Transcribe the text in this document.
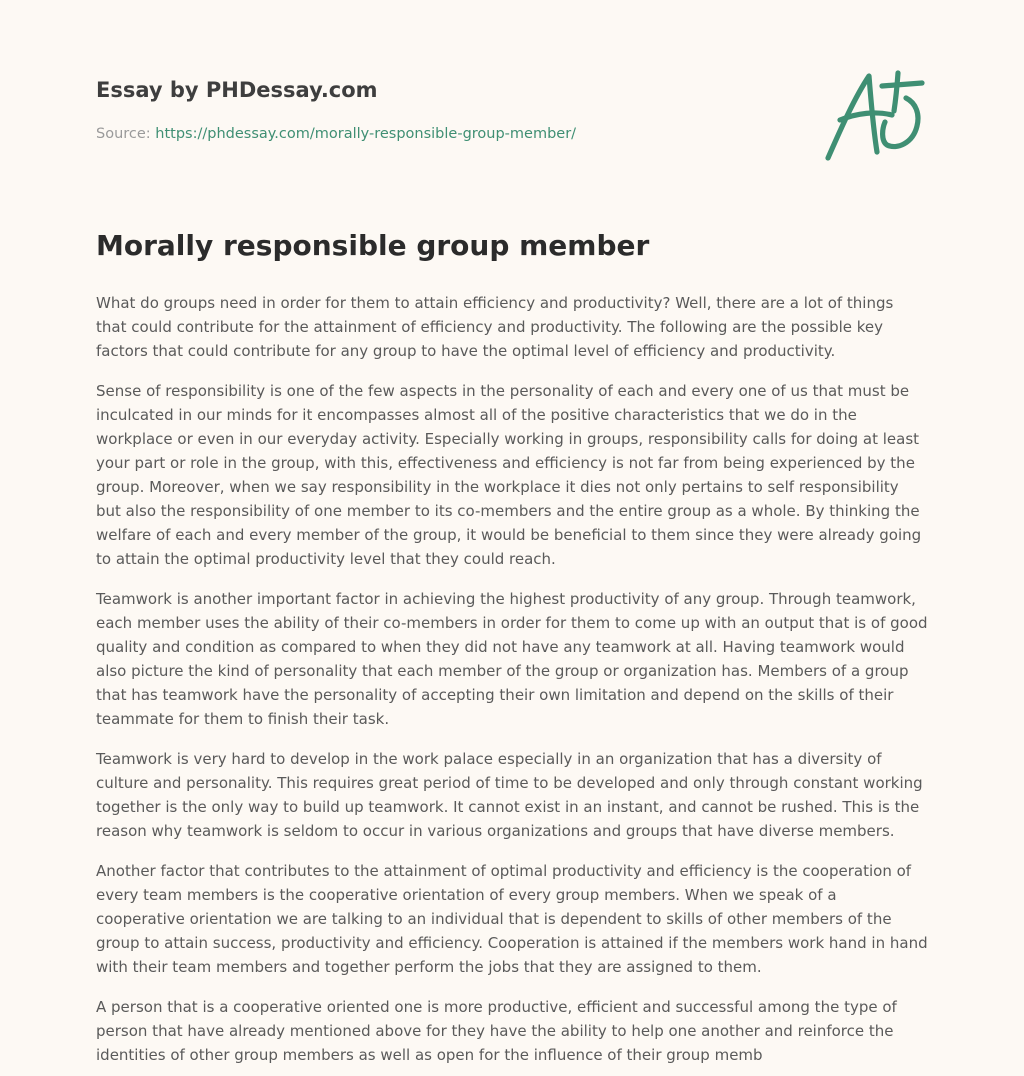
Essay by PHDessay.com
Source: https://phdessay.com/morally-responsible-group-member/
Morally responsible group member

What do groups need in order for them to attain efficiency and productivity? Well, there are a lot of things that could contribute for the attainment of efficiency and productivity. The following are the possible key factors that could contribute for any group to have the optimal level of efficiency and productivity.

Sense of responsibility is one of the few aspects in the personality of each and every one of us that must be inculcated in our minds for it encompasses almost all of the positive characteristics that we do in the workplace or even in our everyday activity. Especially working in groups, responsibility calls for doing at least your part or role in the group, with this, effectiveness and efficiency is not far from being experienced by the group. Moreover, when we say responsibility in the workplace it dies not only pertains to self responsibility but also the responsibility of one member to its co-members and the entire group as a whole. By thinking the welfare of each and every member of the group, it would be beneficial to them since they were already going to attain the optimal productivity level that they could reach.

Teamwork is another important factor in achieving the highest productivity of any group. Through teamwork, each member uses the ability of their co-members in order for them to come up with an output that is of good quality and condition as compared to when they did not have any teamwork at all. Having teamwork would also picture the kind of personality that each member of the group or organization has. Members of a group that has teamwork have the personality of accepting their own limitation and depend on the skills of their teammate for them to finish their task.

Teamwork is very hard to develop in the work palace especially in an organization that has a diversity of culture and personality. This requires great period of time to be developed and only through constant working together is the only way to build up teamwork. It cannot exist in an instant, and cannot be rushed. This is the reason why teamwork is seldom to occur in various organizations and groups that have diverse members.

Another factor that contributes to the attainment of optimal productivity and efficiency is the cooperation of every team members is the cooperative orientation of every group members. When we speak of a cooperative orientation we are talking to an individual that is dependent to skills of other members of the group to attain success, productivity and efficiency. Cooperation is attained if the members work hand in hand with their team members and together perform the jobs that they are assigned to them.

A person that is a cooperative oriented one is more productive, efficient and successful among the type of person that have already mentioned above for they have the ability to help one another and reinforce the identities of other group members as well as open for the influence of their group memb
